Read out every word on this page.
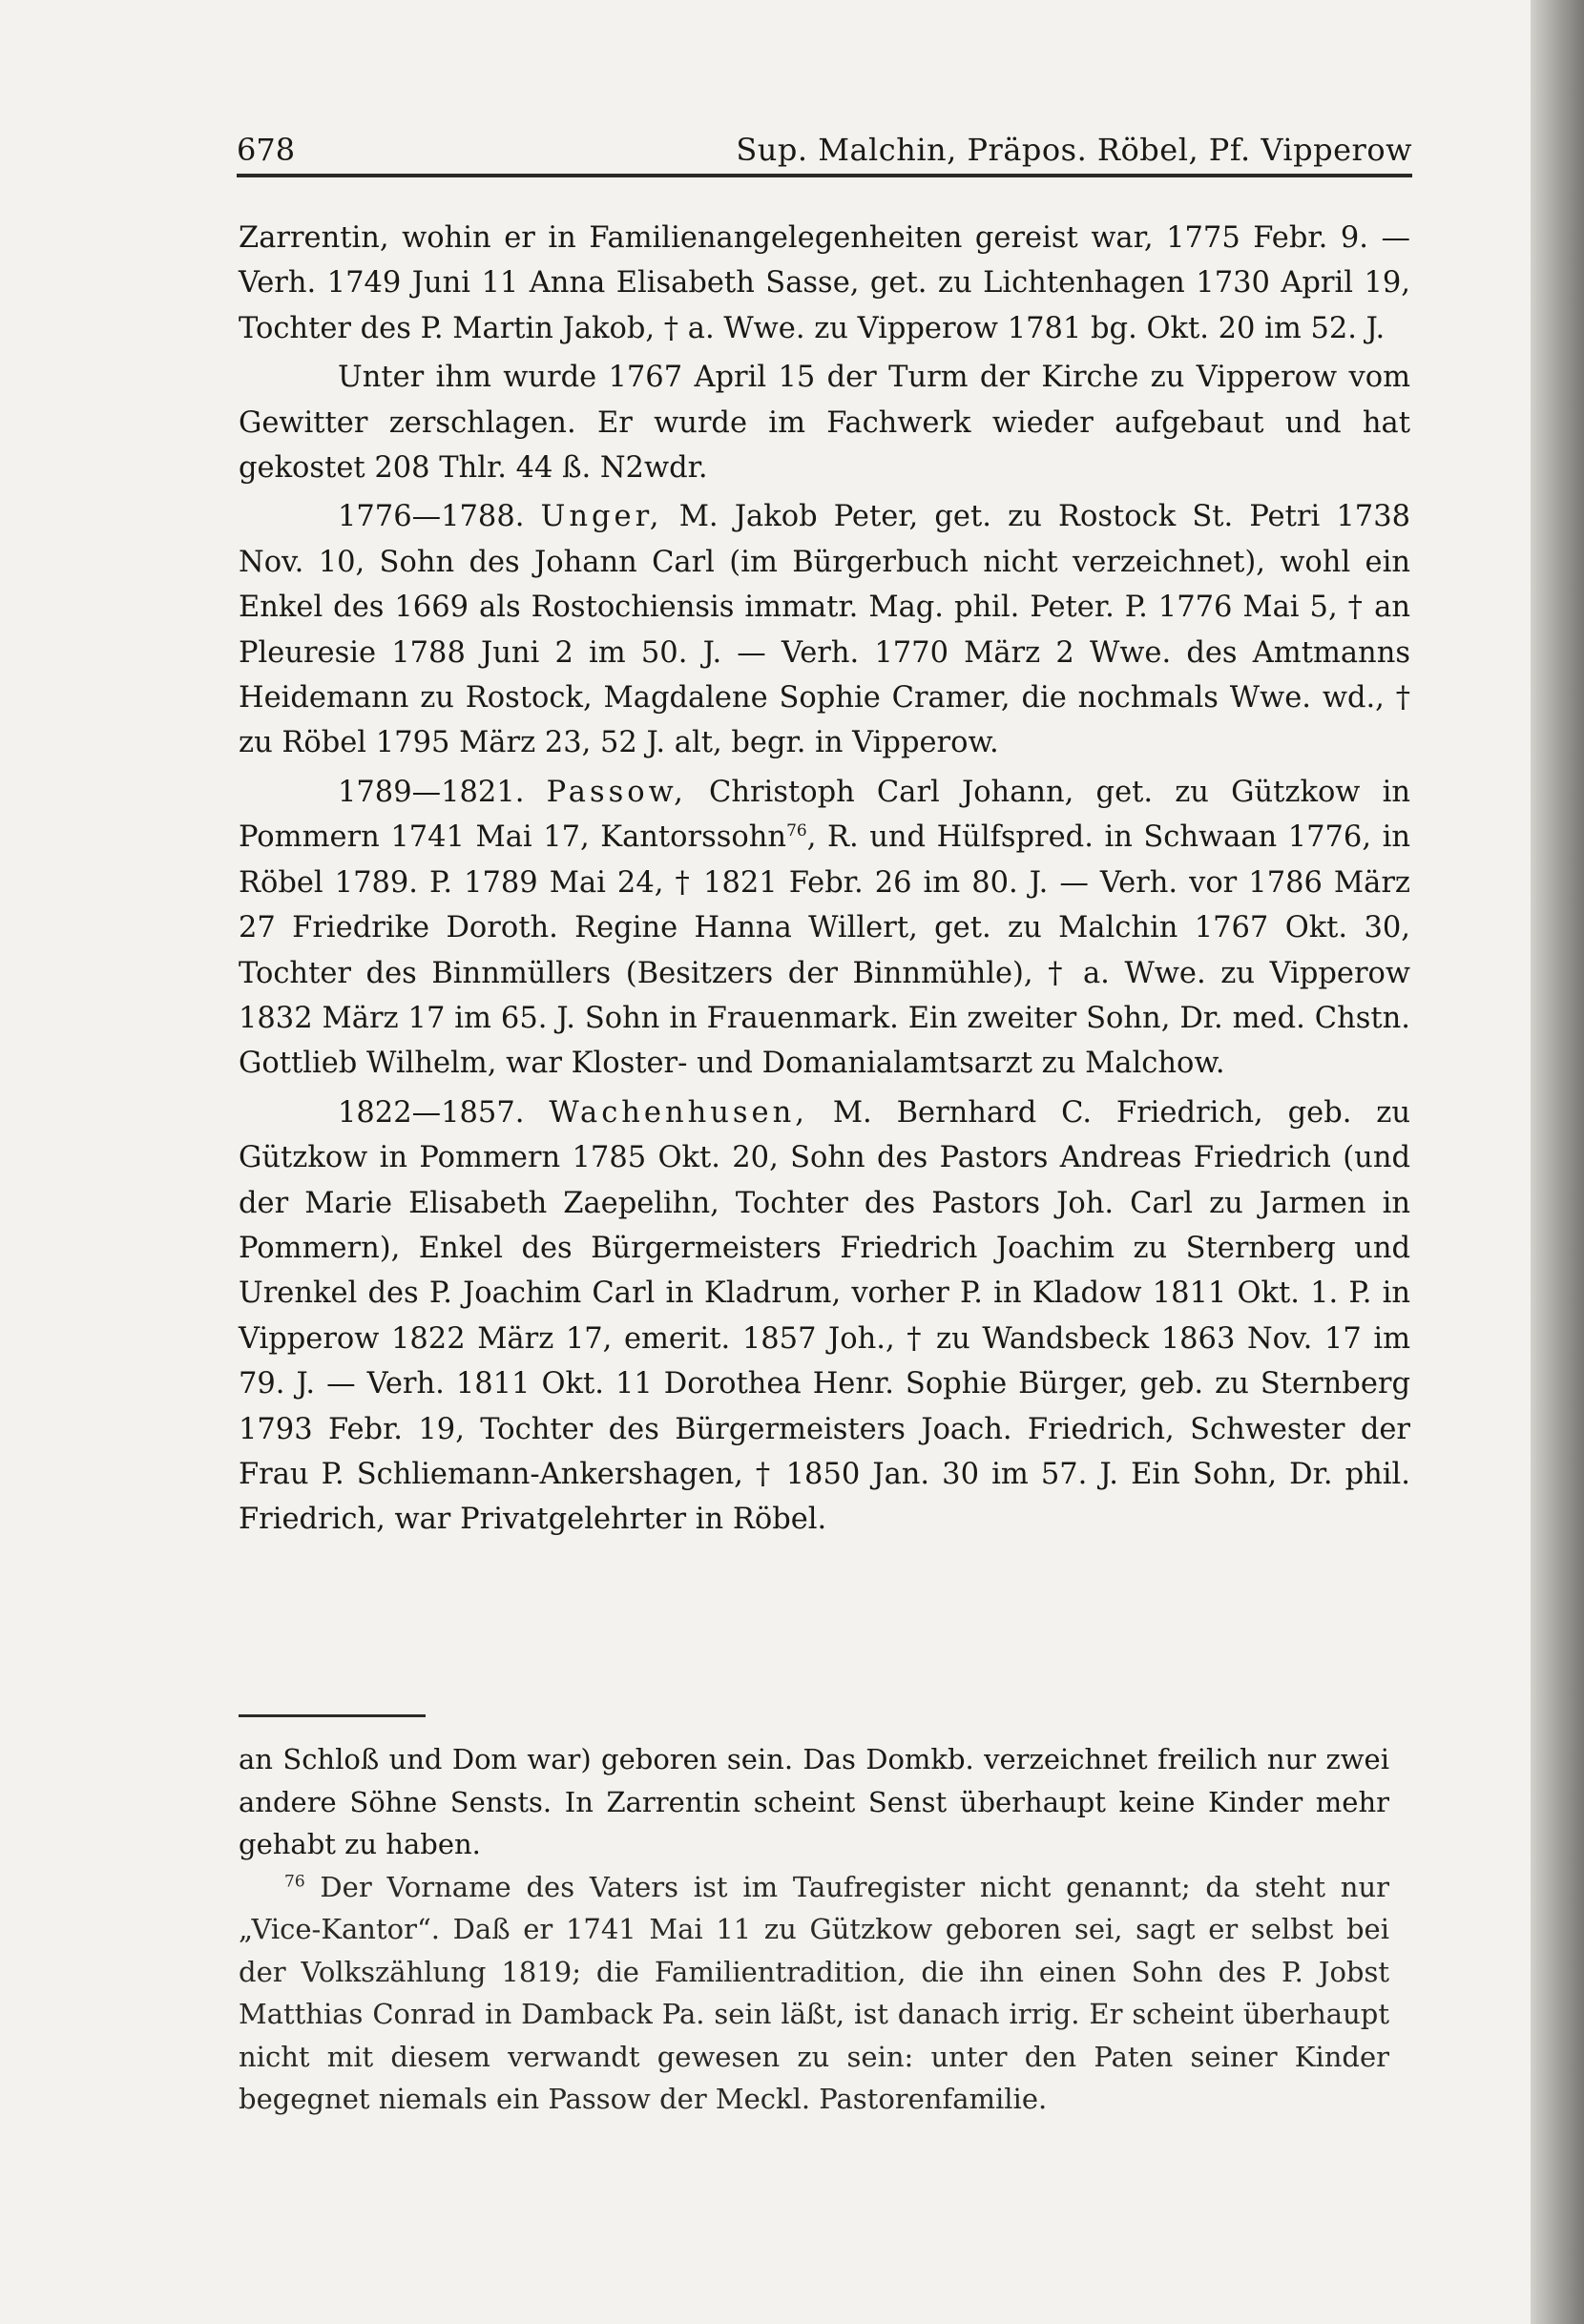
678	Sup. Malchin, Präpos. Röbel, Pf. Vipperow

Zarrentin, wohin er in Familienangelegenheiten gereist war, 1775 Febr. 9. — Verh. 1749 Juni 11 Anna Elisabeth Sasse, get. zu Lichtenhagen 1730 April 19, Tochter des P. Martin Jakob, † a. Wwe. zu Vipperow 1781 bg. Okt. 20 im 52. J.

Unter ihm wurde 1767 April 15 der Turm der Kirche zu Vipperow vom Gewitter zerschlagen. Er wurde im Fachwerk wieder aufgebaut und hat gekostet 208 Thlr. 44 ß. N2wdr.

1776—1788. Unger, M. Jakob Peter, get. zu Rostock St. Petri 1738 Nov. 10, Sohn des Johann Carl (im Bürgerbuch nicht verzeichnet), wohl ein Enkel des 1669 als Rostochiensis immatr. Mag. phil. Peter. P. 1776 Mai 5, † an Pleuresie 1788 Juni 2 im 50. J. — Verh. 1770 März 2 Wwe. des Amtmanns Heidemann zu Rostock, Magdalene Sophie Cramer, die nochmals Wwe. wd., † zu Röbel 1795 März 23, 52 J. alt, begr. in Vipperow.

1789—1821. Passow, Christoph Carl Johann, get. zu Gützkow in Pommern 1741 Mai 17, Kantorssohn$^{76}$, R. und Hülfspred. in Schwaan 1776, in Röbel 1789. P. 1789 Mai 24, † 1821 Febr. 26 im 80. J. — Verh. vor 1786 März 27 Friedrike Doroth. Regine Hanna Willert, get. zu Malchin 1767 Okt. 30, Tochter des Binnmüllers (Besitzers der Binnmühle), † a. Wwe. zu Vipperow 1832 März 17 im 65. J. Sohn in Frauenmark. Ein zweiter Sohn, Dr. med. Chstn. Gottlieb Wilhelm, war Kloster- und Domanialamtsarzt zu Malchow.

1822—1857. Wachenhusen, M. Bernhard C. Friedrich, geb. zu Gützkow in Pommern 1785 Okt. 20, Sohn des Pastors Andreas Friedrich (und der Marie Elisabeth Zaepelihn, Tochter des Pastors Joh. Carl zu Jarmen in Pommern), Enkel des Bürgermeisters Friedrich Joachim zu Sternberg und Urenkel des P. Joachim Carl in Kladrum, vorher P. in Kladow 1811 Okt. 1. P. in Vipperow 1822 März 17, emerit. 1857 Joh., † zu Wandsbeck 1863 Nov. 17 im 79. J. — Verh. 1811 Okt. 11 Dorothea Henr. Sophie Bürger, geb. zu Sternberg 1793 Febr. 19, Tochter des Bürgermeisters Joach. Friedrich, Schwester der Frau P. Schliemann-Ankershagen, † 1850 Jan. 30 im 57. J. Ein Sohn, Dr. phil. Friedrich, war Privatgelehrter in Röbel.

an Schloß und Dom war) geboren sein. Das Domkb. verzeichnet freilich nur zwei andere Söhne Sensts. In Zarrentin scheint Senst überhaupt keine Kinder mehr gehabt zu haben.

$^{76}$ Der Vorname des Vaters ist im Taufregister nicht genannt; da steht nur „Vice-Kantor“. Daß er 1741 Mai 11 zu Gützkow geboren sei, sagt er selbst bei der Volkszählung 1819; die Familientradition, die ihn einen Sohn des P. Jobst Matthias Conrad in Damback Pa. sein läßt, ist danach irrig. Er scheint überhaupt nicht mit diesem verwandt gewesen zu sein: unter den Paten seiner Kinder begegnet niemals ein Passow der Meckl. Pastorenfamilie.
